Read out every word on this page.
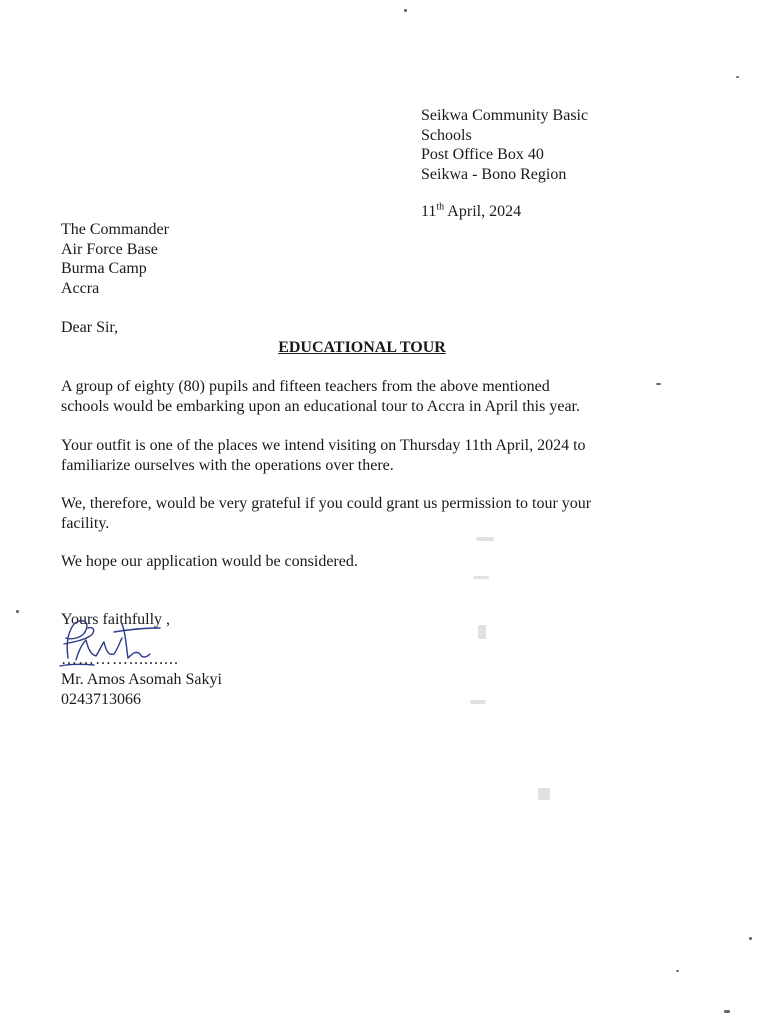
Seikwa Community Basic
Schools
Post Office Box 40
Seikwa - Bono Region
11th April, 2024
The Commander
Air Force Base
Burma Camp
Accra
Dear Sir,
EDUCATIONAL TOUR
A group of eighty (80) pupils and fifteen teachers from the above mentioned
schools would be embarking upon an educational tour to Accra in April this year.
Your outfit is one of the places we intend visiting on Thursday 11th April, 2024 to
familiarize ourselves with the operations over there.
We, therefore, would be very grateful if you could grant us permission to tour your
facility.
We hope our application would be considered.
Yours faithfully ,
…………..........
Mr. Amos Asomah Sakyi
0243713066
